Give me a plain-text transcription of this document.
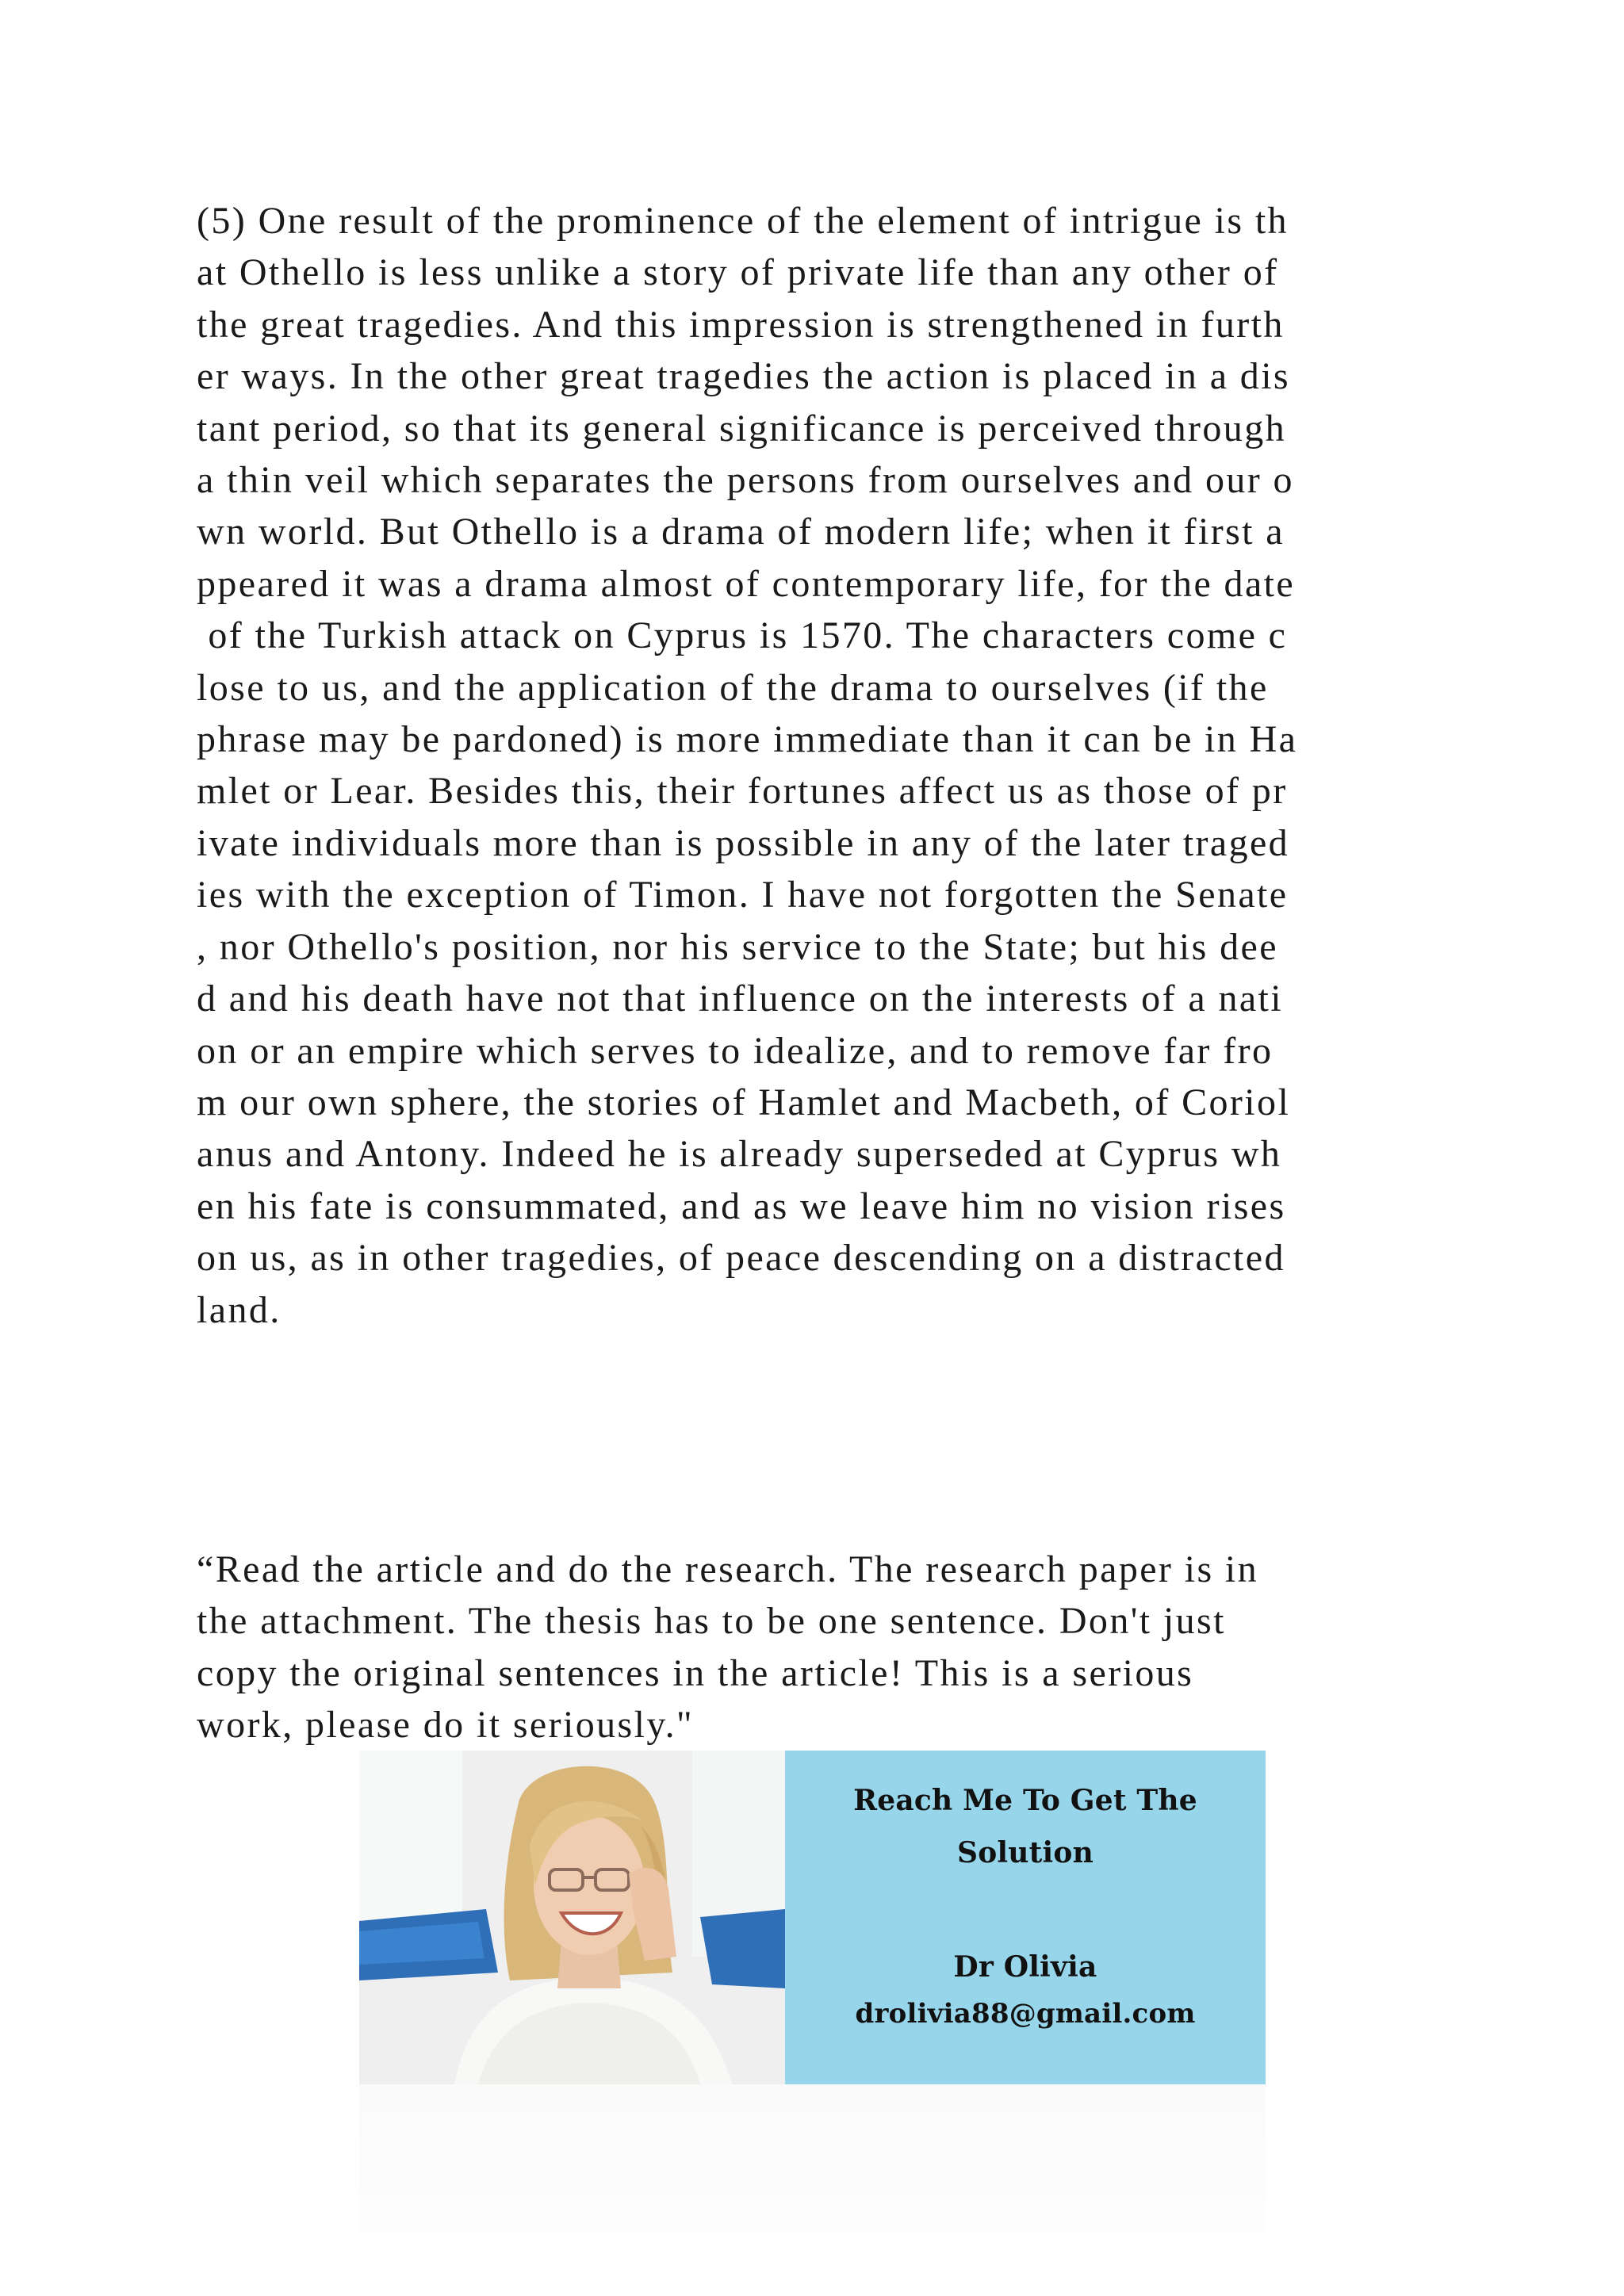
(5) One result of the prominence of the element of intrigue is th
at Othello is less unlike a story of private life than any other of
the great tragedies. And this impression is strengthened in furth
er ways. In the other great tragedies the action is placed in a dis
tant period, so that its general significance is perceived through
a thin veil which separates the persons from ourselves and our o
wn world. But Othello is a drama of modern life; when it first a
ppeared it was a drama almost of contemporary life, for the date
of the Turkish attack on Cyprus is 1570. The characters come c
lose to us, and the application of the drama to ourselves (if the
phrase may be pardoned) is more immediate than it can be in Ha
mlet or Lear. Besides this, their fortunes affect us as those of pr
ivate individuals more than is possible in any of the later traged
ies with the exception of Timon. I have not forgotten the Senate
, nor Othello's position, nor his service to the State; but his dee
d and his death have not that influence on the interests of a nati
on or an empire which serves to idealize, and to remove far fro
m our own sphere, the stories of Hamlet and Macbeth, of Coriol
anus and Antony. Indeed he is already superseded at Cyprus wh
en his fate is consummated, and as we leave him no vision rises
on us, as in other tragedies, of peace descending on a distracted
land.

“Read the article and do the research. The research paper is in
the attachment. The thesis has to be one sentence. Don't just
copy the original sentences in the article! This is a serious
work, please do it seriously."

Reach Me To Get The
Solution
Dr Olivia
drolivia88@gmail.com
